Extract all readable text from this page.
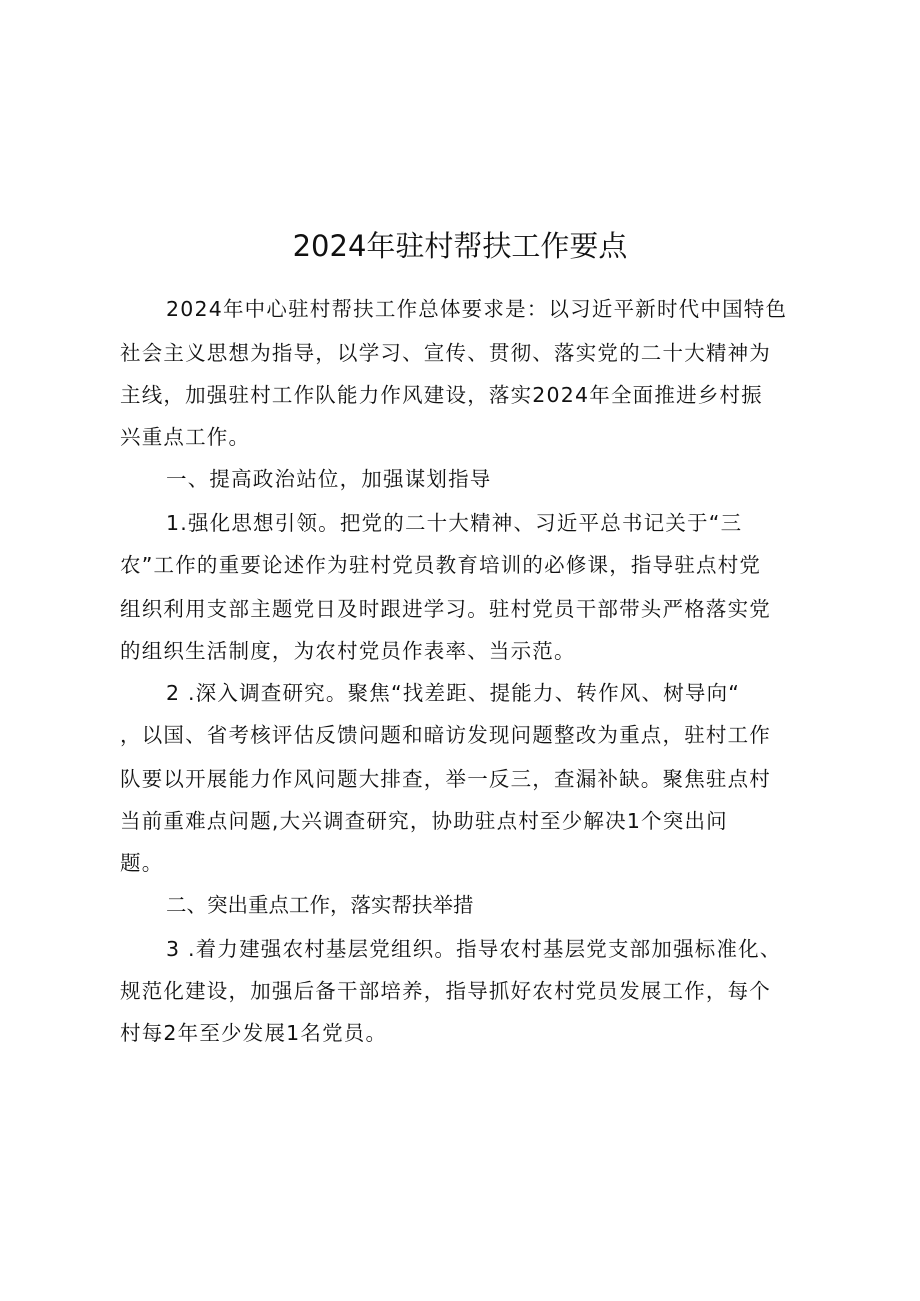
2024年驻村帮扶工作要点
2024年中心驻村帮扶工作总体要求是：以习近平新时代中国特色
社会主义思想为指导，以学习、宣传、贯彻、落实党的二十大精神为
主线，加强驻村工作队能力作风建设，落实2024年全面推进乡村振
兴重点工作。
一、提高政治站位，加强谋划指导
1.强化思想引领。把党的二十大精神、习近平总书记关于“三
农”工作的重要论述作为驻村党员教育培训的必修课，指导驻点村党
组织利用支部主题党日及时跟进学习。驻村党员干部带头严格落实党
的组织生活制度，为农村党员作表率、当示范。
2 .深入调查研究。聚焦“找差距、提能力、转作风、树导向“
，以国、省考核评估反馈问题和暗访发现问题整改为重点，驻村工作
队要以开展能力作风问题大排查，举一反三，查漏补缺。聚焦驻点村
当前重难点问题,大兴调查研究，协助驻点村至少解决1个突出问
题。
二、突出重点工作，落实帮扶举措
3 .着力建强农村基层党组织。指导农村基层党支部加强标准化、
规范化建设，加强后备干部培养，指导抓好农村党员发展工作，每个
村每2年至少发展1名党员。
